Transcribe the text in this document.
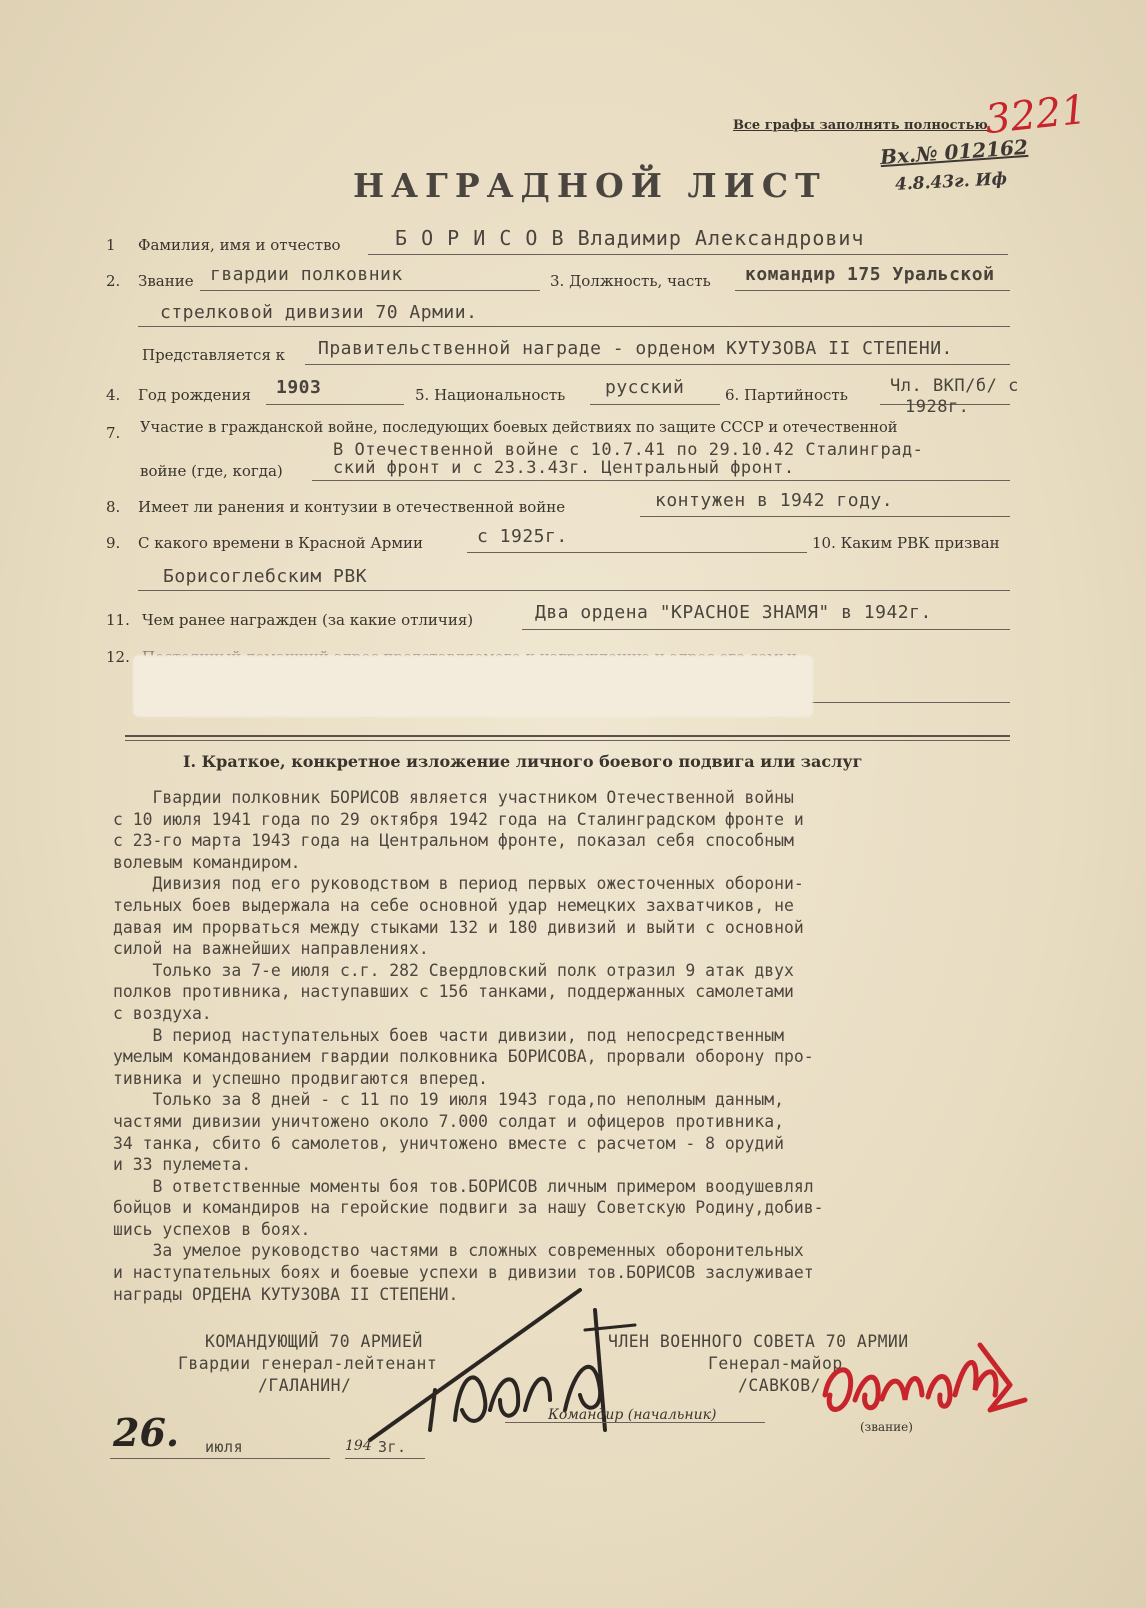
Все графы заполнять полностью
3221
Вх.№ 012162
4.8.43г. Иф
НАГРАДНОЙ ЛИСТ
1 Фамилия, имя и отчество	Б О Р И С О В Владимир Александрович
2. Звание гвардии полковник	3. Должность, часть командир 175 Уральской
стрелковой дивизии 70 Армии.
Представляется к Правительственной награде - орденом КУТУЗОВА II СТЕПЕНИ.
4. Год рождения 1903	5. Национальность русский	6. Партийность Чл. ВКП/б/ с
1928г.
7. Участие в гражданской войне, последующих боевых действиях по защите СССР и отечественной
В Отечественной войне с 10.7.41 по 29.10.42 Сталинград-
войне (где, когда)	ский фронт и с 23.3.43г. Центральный фронт.
8. Имеет ли ранения и контузии в отечественной войне	контужен в 1942 году.
9. С какого времени в Красной Армии	с 1925г.	10. Каким РВК призван
Борисоглебским РВК
11. Чем ранее награжден (за какие отличия)	Два ордена "КРАСНОЕ ЗНАМЯ" в 1942г.
12.
I. Краткое, конкретное изложение личного боевого подвига или заслуг
Гвардии полковник БОРИСОВ является участником Отечественной войны
с 10 июля 1941 года по 29 октября 1942 года на Сталинградском фронте и
с 23-го марта 1943 года на Центральном фронте, показал себя способным
волевым командиром.
Дивизия под его руководством в период первых ожесточенных оборони-
тельных боев выдержала на себе основной удар немецких захватчиков, не
давая им прорваться между стыками 132 и 180 дивизий и выйти с основной
силой на важнейших направлениях.
Только за 7-е июля с.г. 282 Свердловский полк отразил 9 атак двух
полков противника, наступавших с 156 танками, поддержанных самолетами
с воздуха.
В период наступательных боев части дивизии, под непосредственным
умелым командованием гвардии полковника БОРИСОВА, прорвали оборону про-
тивника и успешно продвигаются вперед.
Только за 8 дней - с 11 по 19 июля 1943 года,по неполным данным,
частями дивизии уничтожено около 7.000 солдат и офицеров противника,
34 танка, сбито 6 самолетов, уничтожено вместе с расчетом - 8 орудий
и 33 пулемета.
В ответственные моменты боя тов.БОРИСОВ личным примером воодушевлял
бойцов и командиров на геройские подвиги за нашу Советскую Родину,добив-
шись успехов в боях.
За умелое руководство частями в сложных современных оборонительных
и наступательных боях и боевые успехи в дивизии тов.БОРИСОВ заслуживает
награды ОРДЕНА КУТУЗОВА II СТЕПЕНИ.
КОМАНДУЮЩИЙ 70 АРМИЕЙ
Гвардии генерал-лейтенант
/ГАЛАНИН/
ЧЛЕН ВОЕННОГО СОВЕТА 70 АРМИИ
Генерал-майор
/САВКОВ/
Командир (начальник)
(звание)
26. июля	194 3г.
